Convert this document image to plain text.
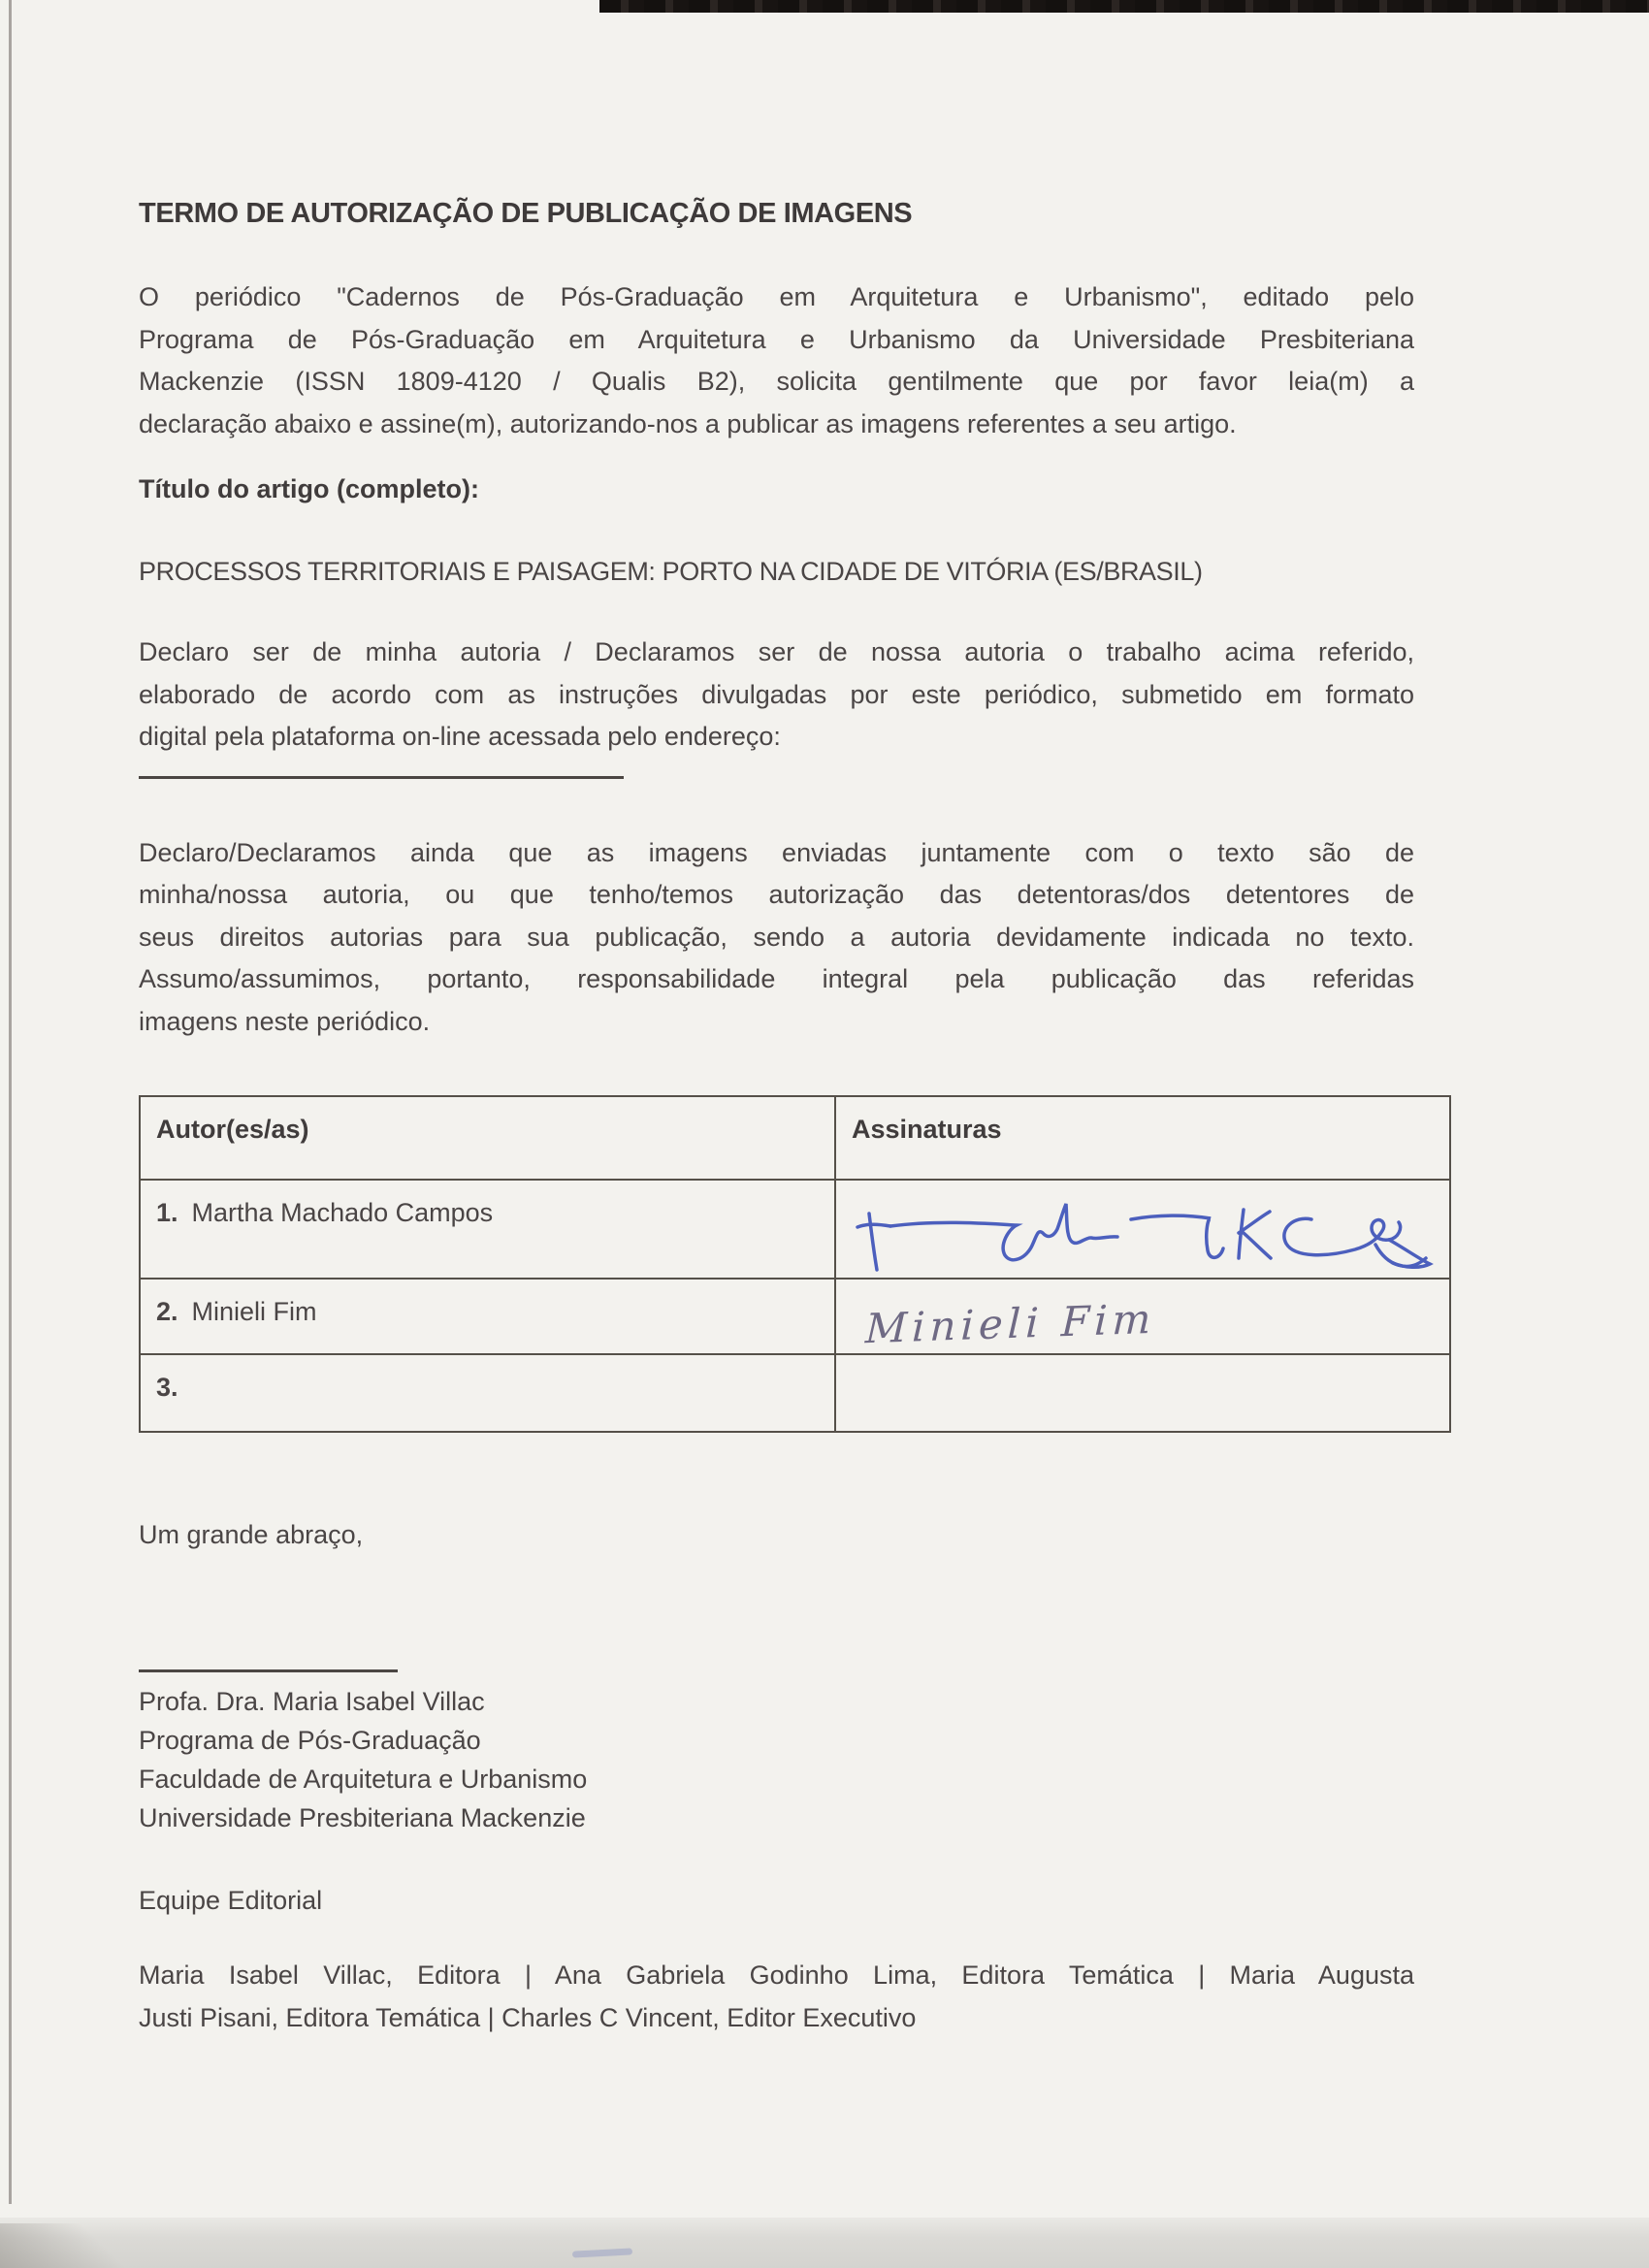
TERMO DE AUTORIZAÇÃO DE PUBLICAÇÃO DE IMAGENS
O periódico "Cadernos de Pós-Graduação em Arquitetura e Urbanismo", editado pelo
Programa de Pós-Graduação em Arquitetura e Urbanismo da Universidade Presbiteriana
Mackenzie (ISSN 1809-4120 / Qualis B2), solicita gentilmente que por favor leia(m) a
declaração abaixo e assine(m), autorizando-nos a publicar as imagens referentes a seu artigo.
Título do artigo (completo):
PROCESSOS TERRITORIAIS E PAISAGEM: PORTO NA CIDADE DE VITÓRIA (ES/BRASIL)
Declaro ser de minha autoria / Declaramos ser de nossa autoria o trabalho acima referido,
elaborado de acordo com as instruções divulgadas por este periódico, submetido em formato
digital pela plataforma on-line acessada pelo endereço:
Declaro/Declaramos ainda que as imagens enviadas juntamente com o texto são de
minha/nossa autoria, ou que tenho/temos autorização das detentoras/dos detentores de
seus direitos autorias para sua publicação, sendo a autoria devidamente indicada no texto.
Assumo/assumimos, portanto, responsabilidade integral pela publicação das referidas
imagens neste periódico.
Autor(es/as)	Assinaturas
1. Martha Machado Campos	

2. Minieli Fim	Minieli Fim
3.	
Um grande abraço,
Profa. Dra. Maria Isabel Villac
Programa de Pós-Graduação
Faculdade de Arquitetura e Urbanismo
Universidade Presbiteriana Mackenzie
Equipe Editorial
Maria Isabel Villac, Editora | Ana Gabriela Godinho Lima, Editora Temática | Maria Augusta
Justi Pisani, Editora Temática | Charles C Vincent, Editor Executivo
